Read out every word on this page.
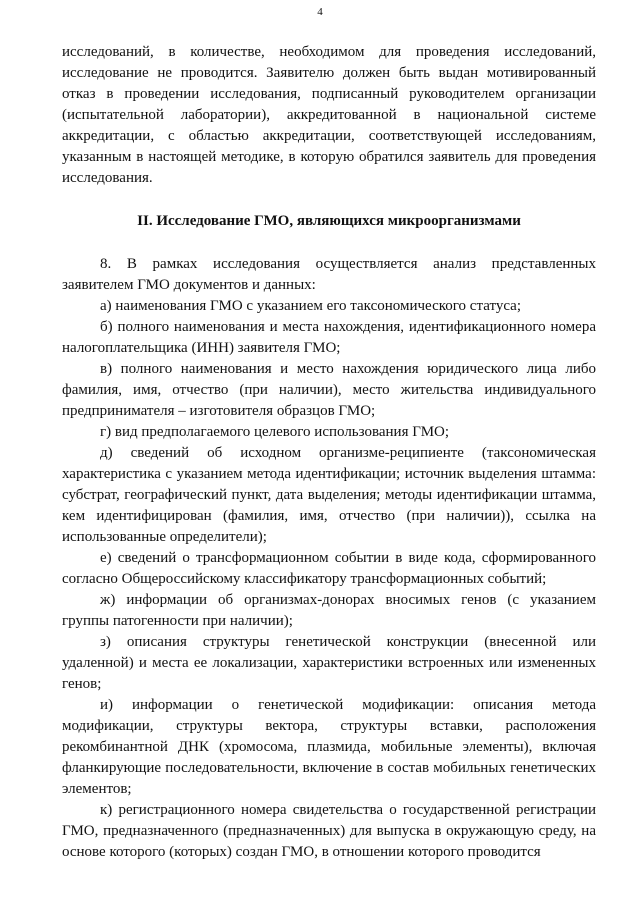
4

исследований, в количестве, необходимом для проведения исследований, исследование не проводится. Заявителю должен быть выдан мотивированный отказ в проведении исследования, подписанный руководителем организации (испытательной лаборатории), аккредитованной в национальной системе аккредитации, с областью аккредитации, соответствующей исследованиям, указанным в настоящей методике, в которую обратился заявитель для проведения исследования.

II. Исследование ГМО, являющихся микроорганизмами

8. В рамках исследования осуществляется анализ представленных заявителем ГМО документов и данных:

а) наименования ГМО с указанием его таксономического статуса;

б) полного наименования и места нахождения, идентификационного номера налогоплательщика (ИНН) заявителя ГМО;

в) полного наименования и место нахождения юридического лица либо фамилия, имя, отчество (при наличии), место жительства индивидуального предпринимателя – изготовителя образцов ГМО;

г) вид предполагаемого целевого использования ГМО;

д) сведений об исходном организме-реципиенте (таксономическая характеристика с указанием метода идентификации; источник выделения штамма: субстрат, географический пункт, дата выделения; методы идентификации штамма, кем идентифицирован (фамилия, имя, отчество (при наличии)), ссылка на использованные определители);

е) сведений о трансформационном событии в виде кода, сформированного согласно Общероссийскому классификатору трансформационных событий;

ж) информации об организмах-донорах вносимых генов (с указанием группы патогенности при наличии);

з) описания структуры генетической конструкции (внесенной или удаленной) и места ее локализации, характеристики встроенных или измененных генов;

и) информации о генетической модификации: описания метода модификации, структуры вектора, структуры вставки, расположения рекомбинантной ДНК (хромосома, плазмида, мобильные элементы), включая фланкирующие последовательности, включение в состав мобильных генетических элементов;

к) регистрационного номера свидетельства о государственной регистрации ГМО, предназначенного (предназначенных) для выпуска в окружающую среду, на основе которого (которых) создан ГМО, в отношении которого проводится
